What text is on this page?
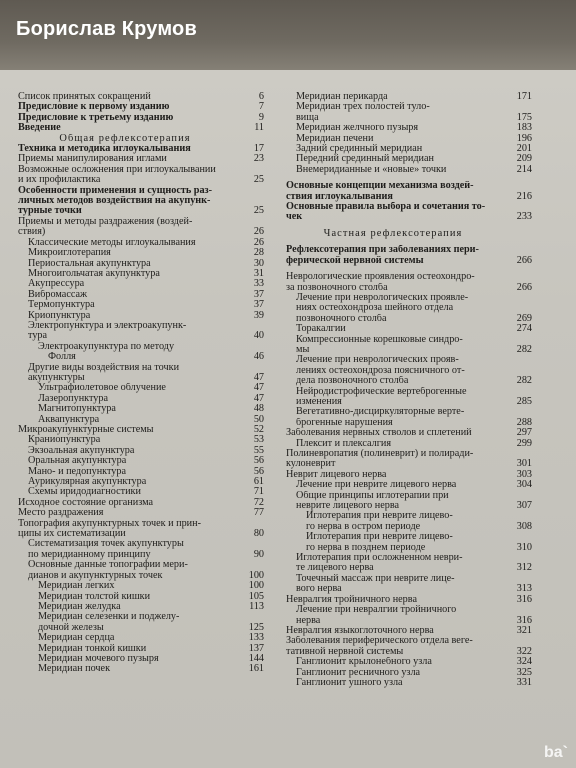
Борислав Крумов
Список принятых сокращений	6
Предисловие к первому изданию	7
Предисловие к третьему изданию	9
Введение	11
Общая рефлексотерапия
Техника и методика иглоукалывания	17
Приемы манипулирования иглами	23
Возможные осложнения при иглоукалывании
и их профилактика	25
Особенности применения и сущность раз-
личных методов воздействия на акупунк-
турные точки	25
Приемы и методы раздражения (воздей-
ствия)	26
Классические методы иглоукалывания	26
Микроиглотерапия	28
Периостальная акупунктура	30
Многоигольчатая акупунктура	31
Акупрессура	33
Вибромассаж	37
Термопунктура	37
Криопунктура	39
Электропунктура и электроакупунк-
тура	40
Электроакупунктура по методу
Фолля	46
Другие виды воздействия на точки
акупунктуры	47
Ультрафиолетовое облучение	47
Лазеропунктура	47
Магнитопунктура	48
Аквапунктура	50
Микроакупунктурные системы	52
Краниопунктура	53
Экзоальная акупунктура	55
Оральная акупунктура	56
Мано- и педопунктура	56
Аурикулярная акупунктура	61
Схемы иридодиагностики	71
Исходное состояние организма	72
Место раздражения	77
Топография акупунктурных точек и прин-
ципы их систематизации	80
Систематизация точек акупунктуры
по меридианному принципу	90
Основные данные топографии мери-
дианов и акупунктурных точек	100
Меридиан легких	100
Меридиан толстой кишки	105
Меридиан желудка	113
Меридиан селезенки и поджелу-
дочной железы	125
Меридиан сердца	133
Меридиан тонкой кишки	137
Меридиан мочевого пузыря	144
Меридиан почек	161
Меридиан перикарда	171
Меридиан трех полостей туло-
вища	175
Меридиан желчного пузыря	183
Меридиан печени	196
Задний срединный меридиан	201
Передний срединный меридиан	209
Внемеридианные и «новые» точки	214
Основные концепции механизма воздей-
ствия иглоукалывания	216
Основные правила выбора и сочетания то-
чек	233
Частная рефлексотерапия
Рефлексотерапия при заболеваниях пери-
ферической нервной системы	266
Неврологические проявления остеохондро-
за позвоночного столба	266
Лечение при неврологических проявле-
ниях остеохондроза шейного отдела
позвоночного столба	269
Торакалгии	274
Компрессионные корешковые синдро-
мы	282
Лечение при неврологических прояв-
лениях остеохондроза поясничного от-
дела позвоночного столба	282
Нейродистрофические вертеброгенные
изменения	285
Вегетативно-дисциркуляторные верте-
брогенные нарушения	288
Заболевания нервных стволов и сплетений	297
Плексит и плексалгия	299
Полиневропатия (полиневрит) и полиради-
кулоневрит	301
Неврит лицевого нерва	303
Лечение при неврите лицевого нерва	304
Общие принципы иглотерапии при
неврите лицевого нерва	307
Иглотерапия при неврите лицево-
го нерва в остром периоде	308
Иглотерапия при неврите лицево-
го нерва в позднем периоде	310
Иглотерапия при осложненном неври-
те лицевого нерва	312
Точечный массаж при неврите лице-
вого нерва	313
Невралгия тройничного нерва	316
Лечение при невралгии тройничного
нерва	316
Невралгия языкоглоточного нерва	321
Заболевания периферического отдела веге-
тативной нервной системы	322
Ганглионит крылонебного узла	324
Ганглионит ресничного узла	325
Ганглионит ушного узла	331
ba`
